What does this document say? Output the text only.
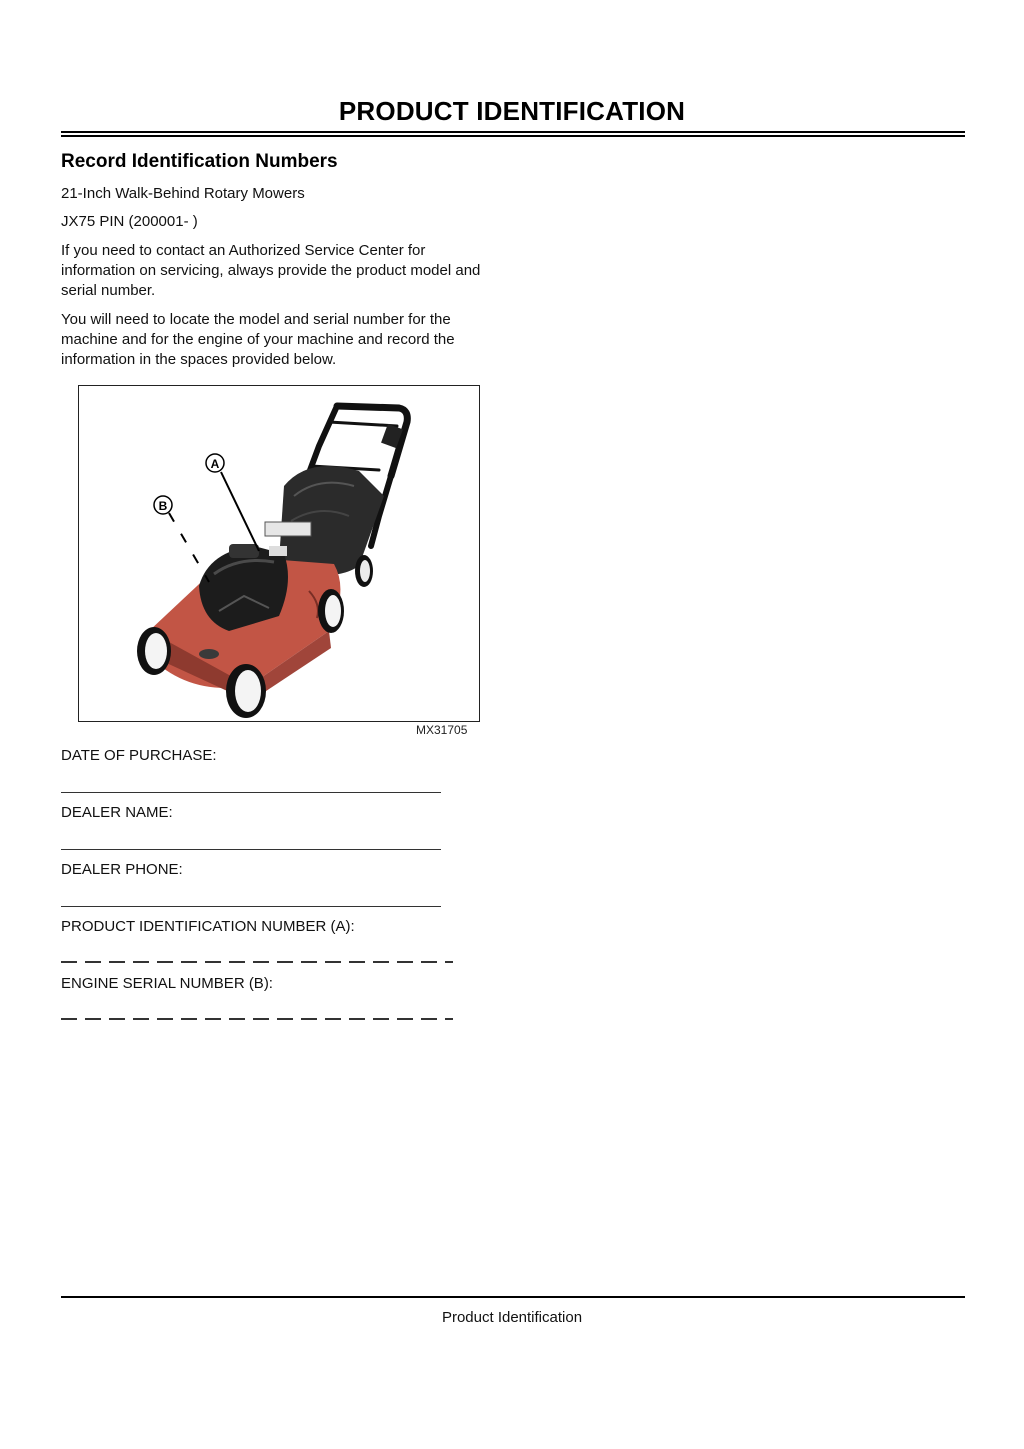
PRODUCT IDENTIFICATION
Record Identification Numbers
21-Inch Walk-Behind Rotary Mowers
JX75 PIN (200001- )
If you need to contact an Authorized Service Center for information on servicing, always provide the product model and serial number.
You will need to locate the model and serial number for the machine and for the engine of your machine and record the information in the spaces provided below.
A
B
MX31705
DATE OF PURCHASE:
DEALER NAME:
DEALER PHONE:
PRODUCT IDENTIFICATION NUMBER (A):
ENGINE SERIAL NUMBER (B):
Product Identification
